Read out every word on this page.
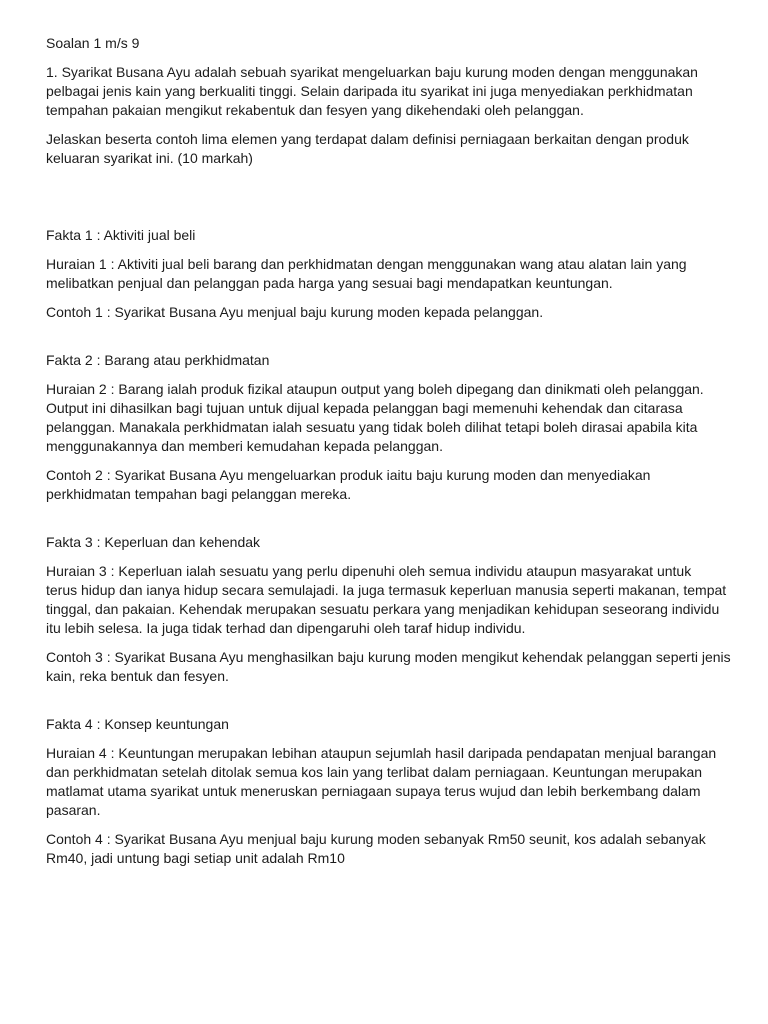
Soalan 1 m/s 9
1. Syarikat Busana Ayu adalah sebuah syarikat mengeluarkan baju kurung moden dengan menggunakan
pelbagai jenis kain yang berkualiti tinggi. Selain daripada itu syarikat ini juga menyediakan perkhidmatan
tempahan pakaian mengikut rekabentuk dan fesyen yang dikehendaki oleh pelanggan.
Jelaskan beserta contoh lima elemen yang terdapat dalam definisi perniagaan berkaitan dengan produk
keluaran syarikat ini. (10 markah)
Fakta 1 : Aktiviti jual beli
Huraian 1 : Aktiviti jual beli barang dan perkhidmatan dengan menggunakan wang atau alatan lain yang
melibatkan penjual dan pelanggan pada harga yang sesuai bagi mendapatkan keuntungan.
Contoh 1 : Syarikat Busana Ayu menjual baju kurung moden kepada pelanggan.
Fakta 2 : Barang atau perkhidmatan
Huraian 2 : Barang ialah produk fizikal ataupun output yang boleh dipegang dan dinikmati oleh pelanggan.
Output ini dihasilkan bagi tujuan untuk dijual kepada pelanggan bagi memenuhi kehendak dan citarasa
pelanggan. Manakala perkhidmatan ialah sesuatu yang tidak boleh dilihat tetapi boleh dirasai apabila kita
menggunakannya dan memberi kemudahan kepada pelanggan.
Contoh 2 : Syarikat Busana Ayu mengeluarkan produk iaitu baju kurung moden dan menyediakan
perkhidmatan tempahan bagi pelanggan mereka.
Fakta 3 : Keperluan dan kehendak
Huraian 3 : Keperluan ialah sesuatu yang perlu dipenuhi oleh semua individu ataupun masyarakat untuk
terus hidup dan ianya hidup secara semulajadi. Ia juga termasuk keperluan manusia seperti makanan, tempat
tinggal, dan pakaian. Kehendak merupakan sesuatu perkara yang menjadikan kehidupan seseorang individu
itu lebih selesa. Ia juga tidak terhad dan dipengaruhi oleh taraf hidup individu.
Contoh 3 : Syarikat Busana Ayu menghasilkan baju kurung moden mengikut kehendak pelanggan seperti jenis
kain, reka bentuk dan fesyen.
Fakta 4 : Konsep keuntungan
Huraian 4 : Keuntungan merupakan lebihan ataupun sejumlah hasil daripada pendapatan menjual barangan
dan perkhidmatan setelah ditolak semua kos lain yang terlibat dalam perniagaan. Keuntungan merupakan
matlamat utama syarikat untuk meneruskan perniagaan supaya terus wujud dan lebih berkembang dalam
pasaran.
Contoh 4 : Syarikat Busana Ayu menjual baju kurung moden sebanyak Rm50 seunit, kos adalah sebanyak
Rm40, jadi untung bagi setiap unit adalah Rm10
